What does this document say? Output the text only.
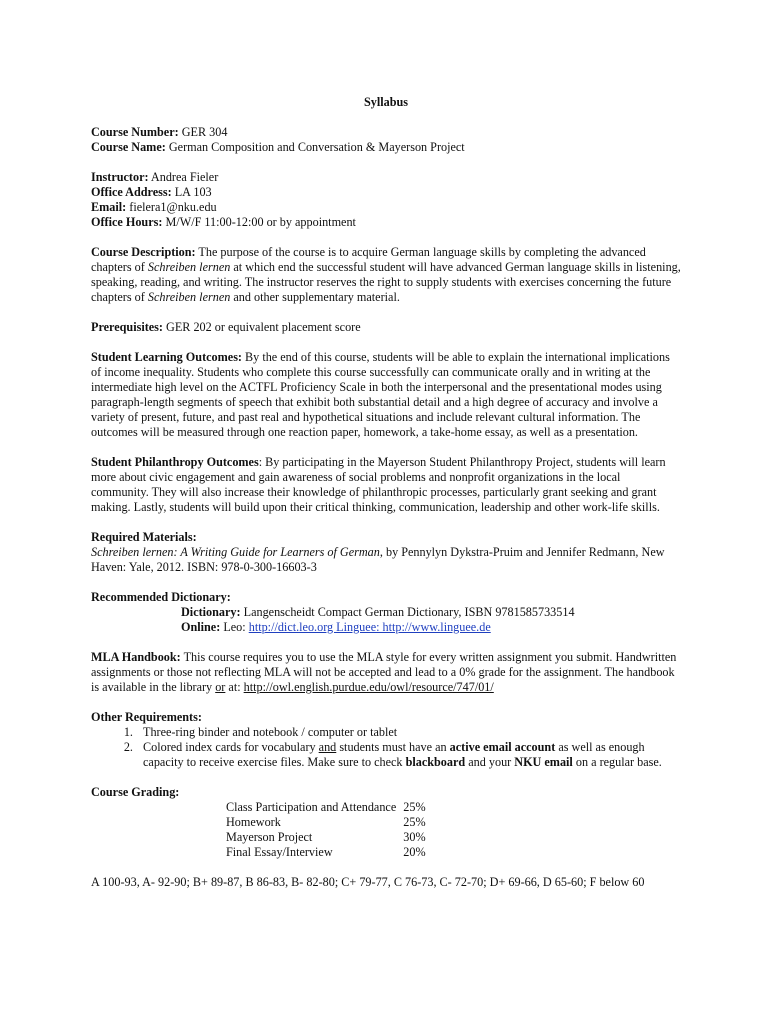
Syllabus

Course Number: GER 304

Course Name: German Composition and Conversation & Mayerson Project

Instructor: Andrea Fieler

Office Address: LA 103

Email: fielera1@nku.edu

Office Hours: M/W/F 11:00-12:00 or by appointment

Course Description: The purpose of the course is to acquire German language skills by completing the advanced chapters of Schreiben lernen at which end the successful student will have advanced German language skills in listening, speaking, reading, and writing. The instructor reserves the right to supply students with exercises concerning the future chapters of Schreiben lernen and other supplementary material.

Prerequisites: GER 202 or equivalent placement score

Student Learning Outcomes: By the end of this course, students will be able to explain the international implications of income inequality. Students who complete this course successfully can communicate orally and in writing at the intermediate high level on the ACTFL Proficiency Scale in both the interpersonal and the presentational modes using paragraph-length segments of speech that exhibit both substantial detail and a high degree of accuracy and involve a variety of present, future, and past real and hypothetical situations and include relevant cultural information. The outcomes will be measured through one reaction paper, homework, a take-home essay, as well as a presentation.

Student Philanthropy Outcomes: By participating in the Mayerson Student Philanthropy Project, students will learn more about civic engagement and gain awareness of social problems and nonprofit organizations in the local community. They will also increase their knowledge of philanthropic processes, particularly grant seeking and grant making. Lastly, students will build upon their critical thinking, communication, leadership and other work-life skills.

Required Materials:

Schreiben lernen: A Writing Guide for Learners of German, by Pennylyn Dykstra-Pruim and Jennifer Redmann, New Haven: Yale, 2012. ISBN: 978-0-300-16603-3

Recommended Dictionary:

Dictionary: Langenscheidt Compact German Dictionary, ISBN 9781585733514

Online: Leo: http://dict.leo.org Linguee: http://www.linguee.de

MLA Handbook: This course requires you to use the MLA style for every written assignment you submit. Handwritten assignments or those not reflecting MLA will not be accepted and lead to a 0% grade for the assignment. The handbook is available in the library or at: http://owl.english.purdue.edu/owl/resource/747/01/

Other Requirements:

1. Three-ring binder and notebook / computer or tablet
2. Colored index cards for vocabulary and students must have an active email account as well as enough capacity to receive exercise files. Make sure to check blackboard and your NKU email on a regular base.

Course Grading:

Class Participation and Attendance	25%
Homework	25%
Mayerson Project	30%
Final Essay/Interview	20%

A 100-93, A- 92-90; B+ 89-87, B 86-83, B- 82-80; C+ 79-77, C 76-73, C- 72-70; D+ 69-66, D 65-60; F below 60
